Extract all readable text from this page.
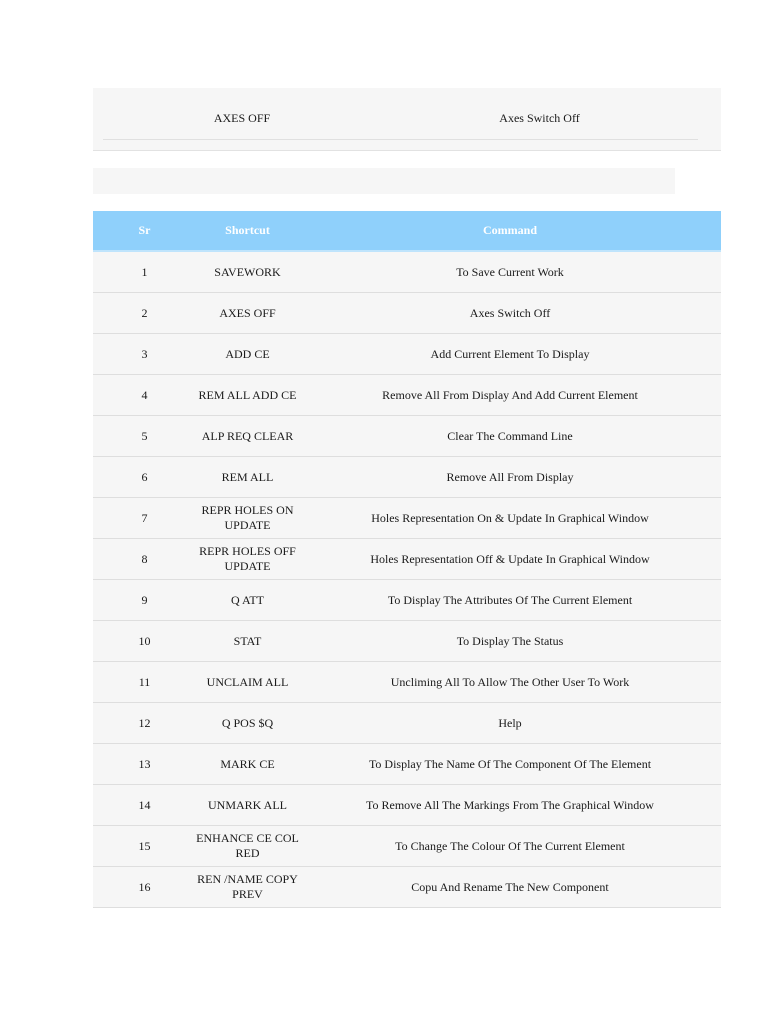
AXES OFF	Axes Switch Off
Sr	Shortcut	Command
1	SAVEWORK	To Save Current Work
2	AXES OFF	Axes Switch Off
3	ADD CE	Add Current Element To Display
4	REM ALL ADD CE	Remove All From Display And Add Current Element
5	ALP REQ CLEAR	Clear The Command Line
6	REM ALL	Remove All From Display
7	REPR HOLES ON UPDATE	Holes Representation On & Update In Graphical Window
8	REPR HOLES OFF UPDATE	Holes Representation Off & Update In Graphical Window
9	Q ATT	To Display The Attributes Of The Current Element
10	STAT	To Display The Status
11	UNCLAIM ALL	Uncliming All To Allow The Other User To Work
12	Q POS $Q	Help
13	MARK CE	To Display The Name Of The Component Of The Element
14	UNMARK ALL	To Remove All The Markings From The Graphical Window
15	ENHANCE CE COL RED	To Change The Colour Of The Current Element
16	REN /NAME COPY PREV	Copu And Rename The New Component
